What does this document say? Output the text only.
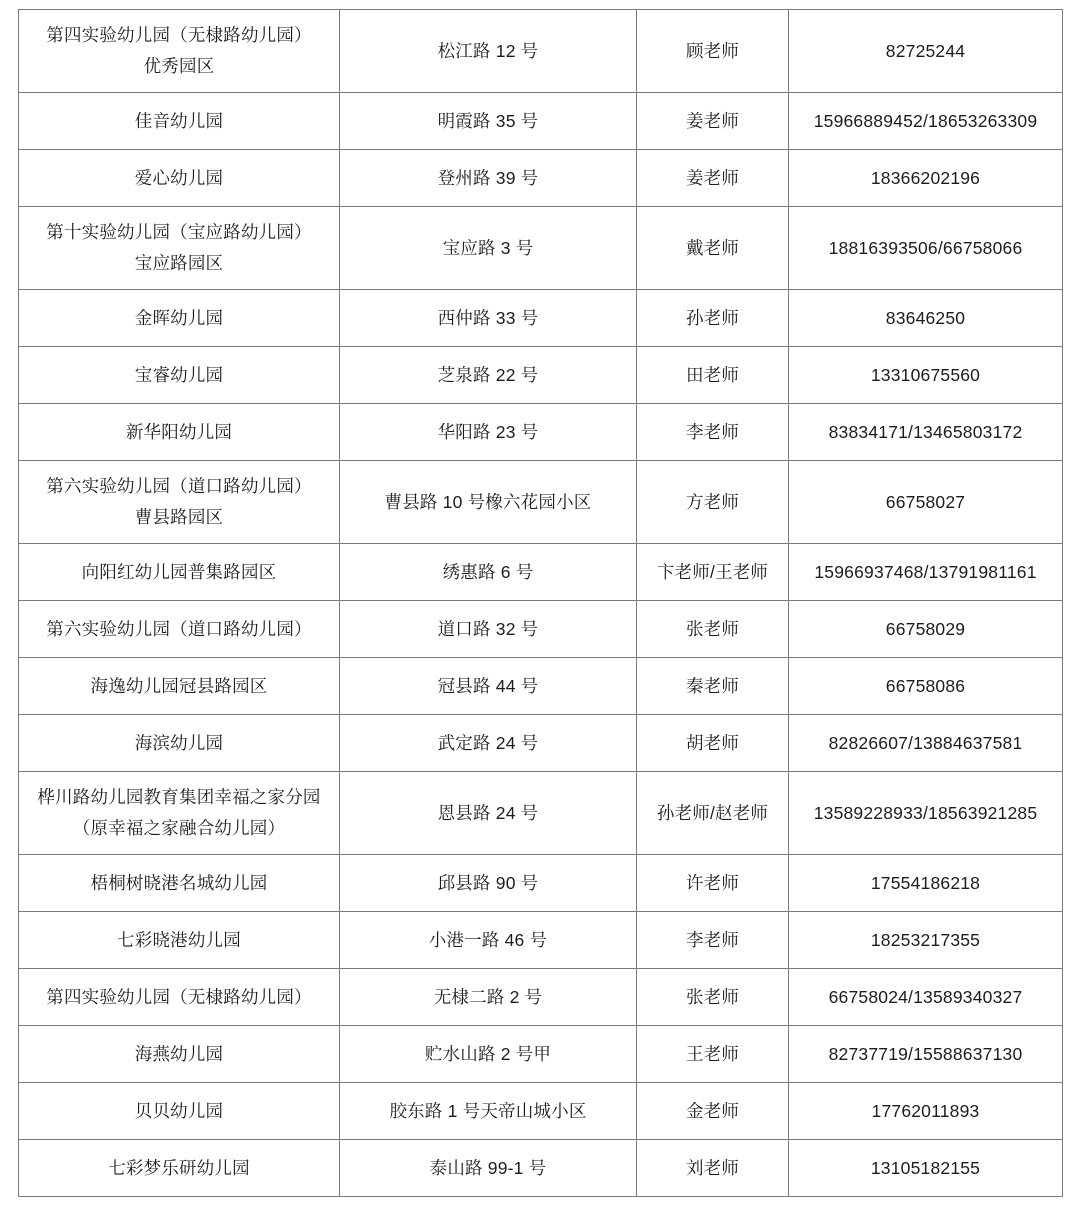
第四实验幼儿园（无棣路幼儿园）
优秀园区	松江路 12 号	顾老师	82725244

佳音幼儿园	明霞路 35 号	姜老师	15966889452/18653263309

爱心幼儿园	登州路 39 号	姜老师	18366202196

第十实验幼儿园（宝应路幼儿园）
宝应路园区	宝应路 3 号	戴老师	18816393506/66758066

金晖幼儿园	西仲路 33 号	孙老师	83646250

宝睿幼儿园	芝泉路 22 号	田老师	13310675560

新华阳幼儿园	华阳路 23 号	李老师	83834171/13465803172

第六实验幼儿园（道口路幼儿园）
曹县路园区	曹县路 10 号橡六花园小区	方老师	66758027

向阳红幼儿园普集路园区	绣惠路 6 号	卞老师/王老师	15966937468/13791981161

第六实验幼儿园（道口路幼儿园）	道口路 32 号	张老师	66758029

海逸幼儿园冠县路园区	冠县路 44 号	秦老师	66758086

海滨幼儿园	武定路 24 号	胡老师	82826607/13884637581

桦川路幼儿园教育集团幸福之家分园
（原幸福之家融合幼儿园）	恩县路 24 号	孙老师/赵老师	13589228933/18563921285

梧桐树晓港名城幼儿园	邱县路 90 号	许老师	17554186218

七彩晓港幼儿园	小港一路 46 号	李老师	18253217355

第四实验幼儿园（无棣路幼儿园）	无棣二路 2 号	张老师	66758024/13589340327

海燕幼儿园	贮水山路 2 号甲	王老师	82737719/15588637130

贝贝幼儿园	胶东路 1 号天帝山城小区	金老师	17762011893

七彩梦乐研幼儿园	泰山路 99-1 号	刘老师	13105182155
